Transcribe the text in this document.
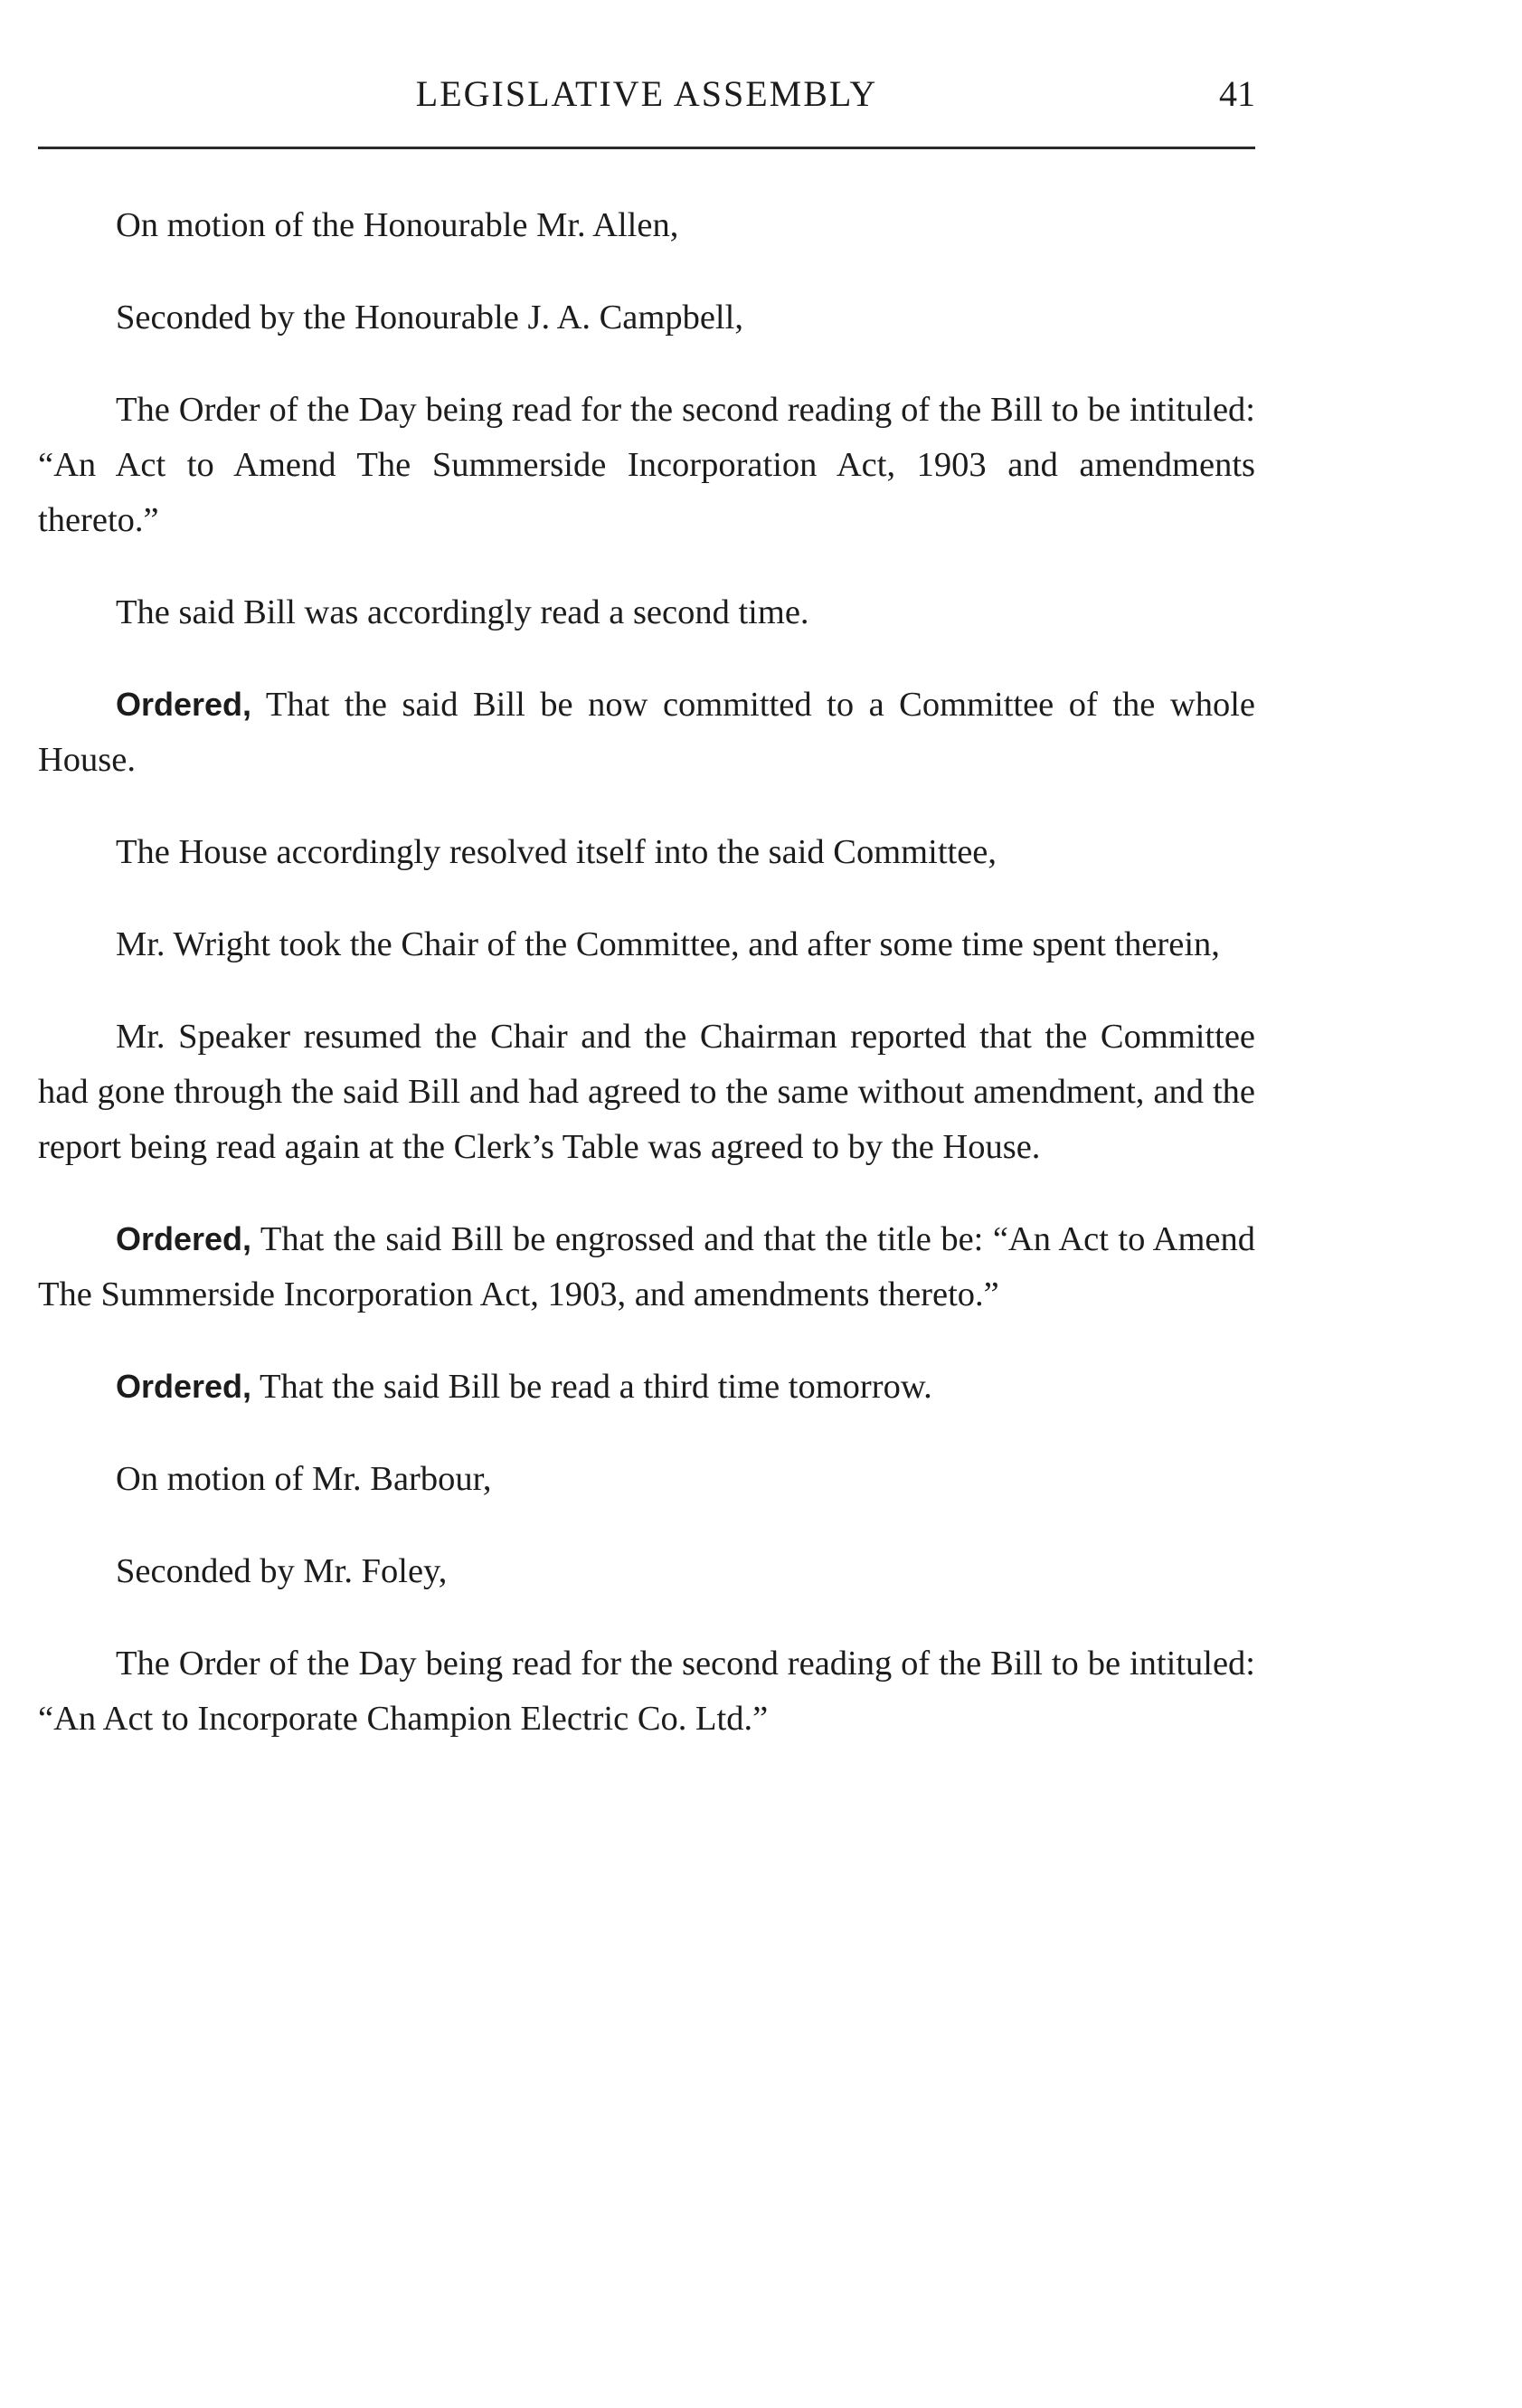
LEGISLATIVE ASSEMBLY	41

On motion of the Honourable Mr. Allen,

Seconded by the Honourable J. A. Campbell,

The Order of the Day being read for the second reading of the Bill to be intituled: “An Act to Amend The Summerside Incorporation Act, 1903 and amendments thereto.”

The said Bill was accordingly read a second time.

Ordered, That the said Bill be now committed to a Committee of the whole House.

The House accordingly resolved itself into the said Committee,

Mr. Wright took the Chair of the Committee, and after some time spent therein,

Mr. Speaker resumed the Chair and the Chairman reported that the Committee had gone through the said Bill and had agreed to the same without amendment, and the report being read again at the Clerk’s Table was agreed to by the House.

Ordered, That the said Bill be engrossed and that the title be: “An Act to Amend The Summerside Incorporation Act, 1903, and amendments thereto.”

Ordered, That the said Bill be read a third time tomorrow.

On motion of Mr. Barbour,

Seconded by Mr. Foley,

The Order of the Day being read for the second reading of the Bill to be intituled: “An Act to Incorporate Champion Electric Co. Ltd.”
